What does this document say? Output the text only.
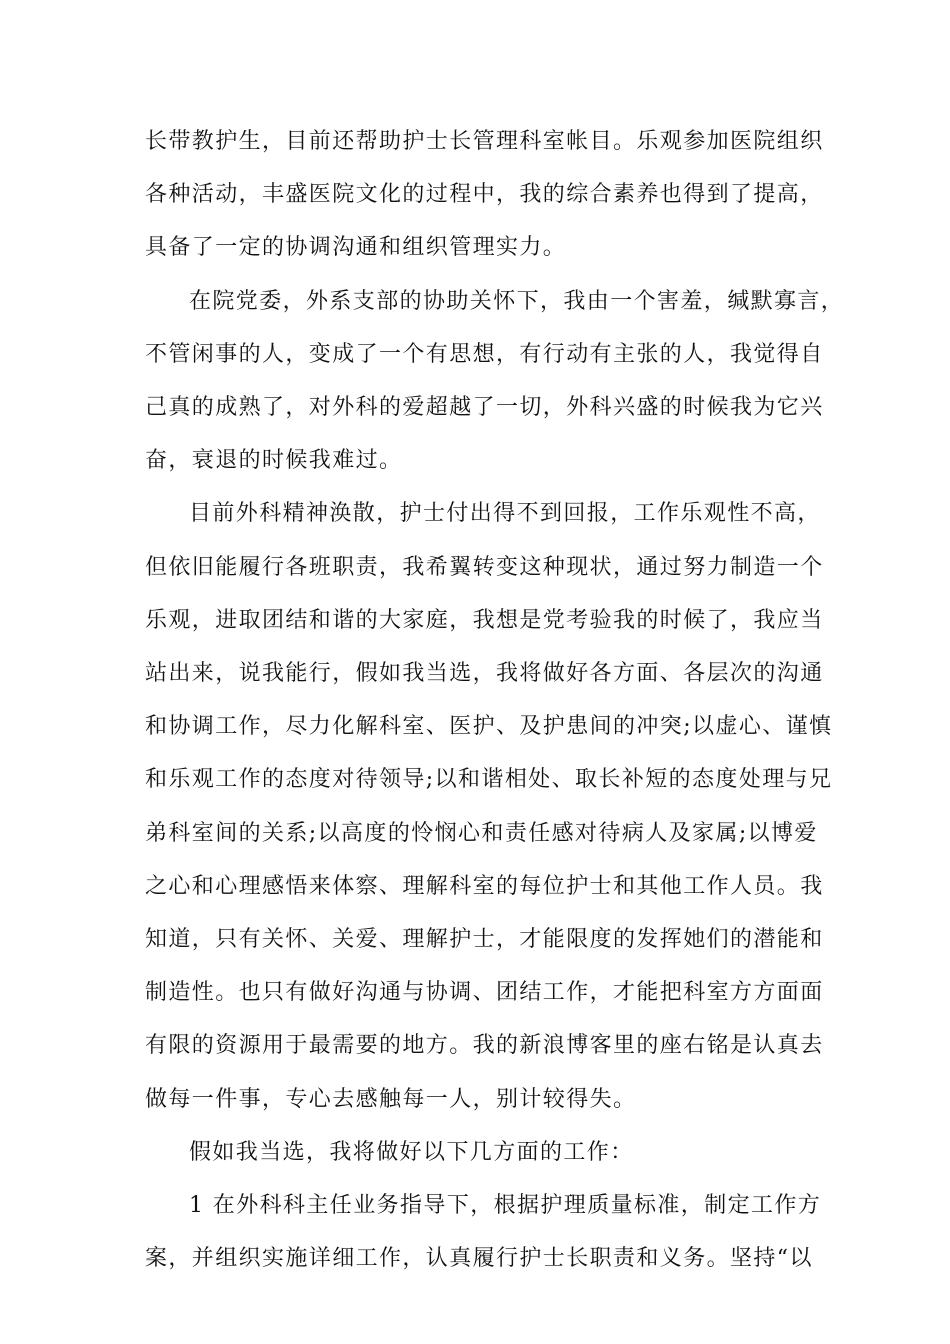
长带教护生，目前还帮助护士长管理科室帐目。乐观参加医院组织
各种活动，丰盛医院文化的过程中，我的综合素养也得到了提高，
具备了一定的协调沟通和组织管理实力。
在院党委，外系支部的协助关怀下，我由一个害羞，缄默寡言，
不管闲事的人，变成了一个有思想，有行动有主张的人，我觉得自
己真的成熟了，对外科的爱超越了一切，外科兴盛的时候我为它兴
奋，衰退的时候我难过。
目前外科精神涣散，护士付出得不到回报，工作乐观性不高，
但依旧能履行各班职责，我希翼转变这种现状，通过努力制造一个
乐观，进取团结和谐的大家庭，我想是党考验我的时候了，我应当
站出来，说我能行，假如我当选，我将做好各方面、各层次的沟通
和协调工作，尽力化解科室、医护、及护患间的冲突;以虚心、谨慎
和乐观工作的态度对待领导;以和谐相处、取长补短的态度处理与兄
弟科室间的关系;以高度的怜悯心和责任感对待病人及家属;以博爱
之心和心理感悟来体察、理解科室的每位护士和其他工作人员。我
知道，只有关怀、关爱、理解护士，才能限度的发挥她们的潜能和
制造性。也只有做好沟通与协调、团结工作，才能把科室方方面面
有限的资源用于最需要的地方。我的新浪博客里的座右铭是认真去
做每一件事，专心去感触每一人，别计较得失。
假如我当选，我将做好以下几方面的工作：
1 在外科科主任业务指导下，根据护理质量标准，制定工作方
案，并组织实施详细工作，认真履行护士长职责和义务。坚持“以
